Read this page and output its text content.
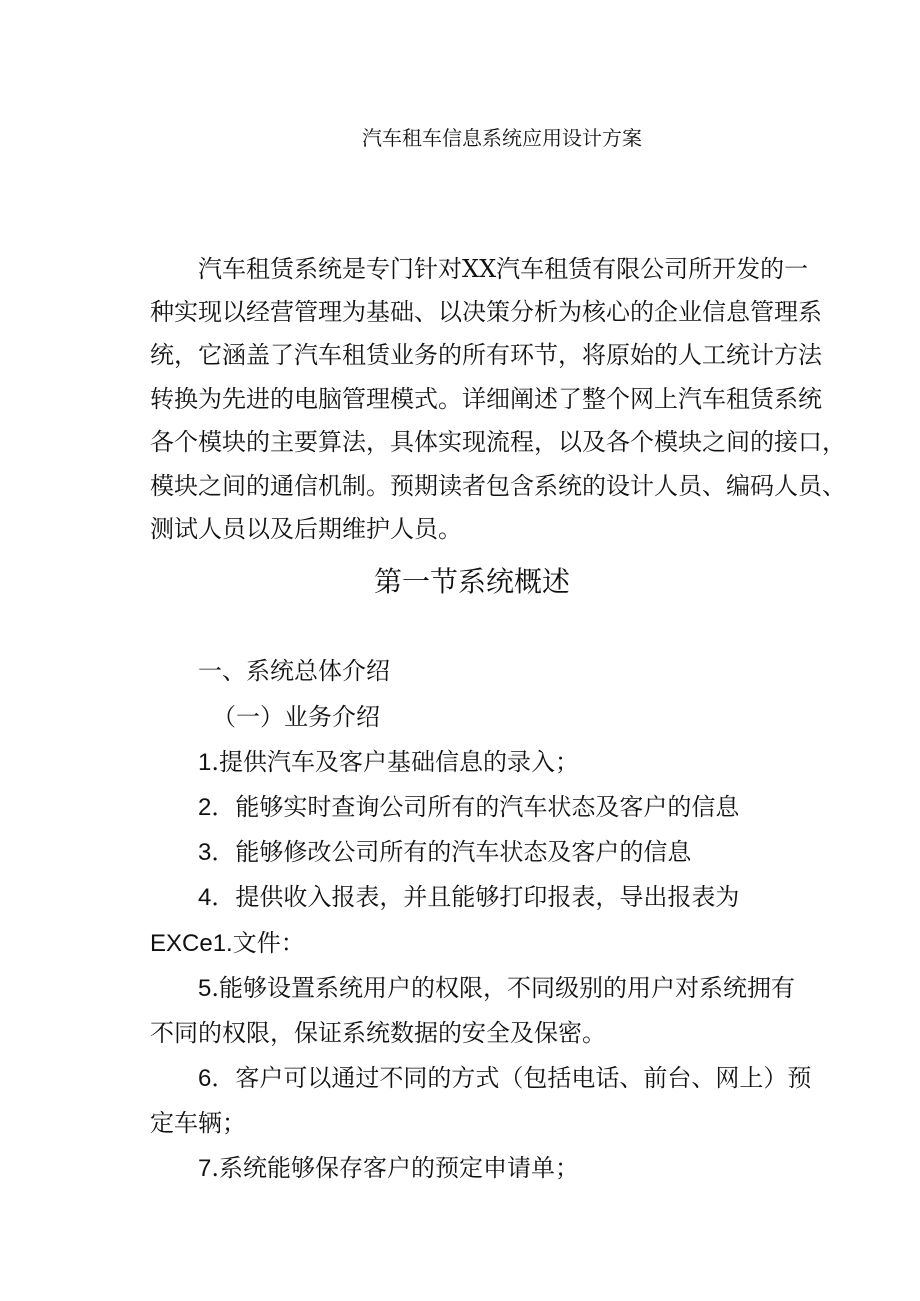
汽车租车信息系统应用设计方案
汽车租赁系统是专门针对XX汽车租赁有限公司所开发的一
种实现以经营管理为基础、以决策分析为核心的企业信息管理系
统，它涵盖了汽车租赁业务的所有环节，将原始的人工统计方法
转换为先进的电脑管理模式。详细阐述了整个网上汽车租赁系统
各个模块的主要算法，具体实现流程，以及各个模块之间的接口，
模块之间的通信机制。预期读者包含系统的设计人员、编码人员、
测试人员以及后期维护人员。
第一节系统概述
一、系统总体介绍
（一）业务介绍
1.提供汽车及客户基础信息的录入；
2．能够实时查询公司所有的汽车状态及客户的信息
3．能够修改公司所有的汽车状态及客户的信息
4．提供收入报表，并且能够打印报表，导出报表为
EXCe1.文件：
5.能够设置系统用户的权限，不同级别的用户对系统拥有
不同的权限，保证系统数据的安全及保密。
6．客户可以通过不同的方式（包括电话、前台、网上）预
定车辆；
7.系统能够保存客户的预定申请单；
